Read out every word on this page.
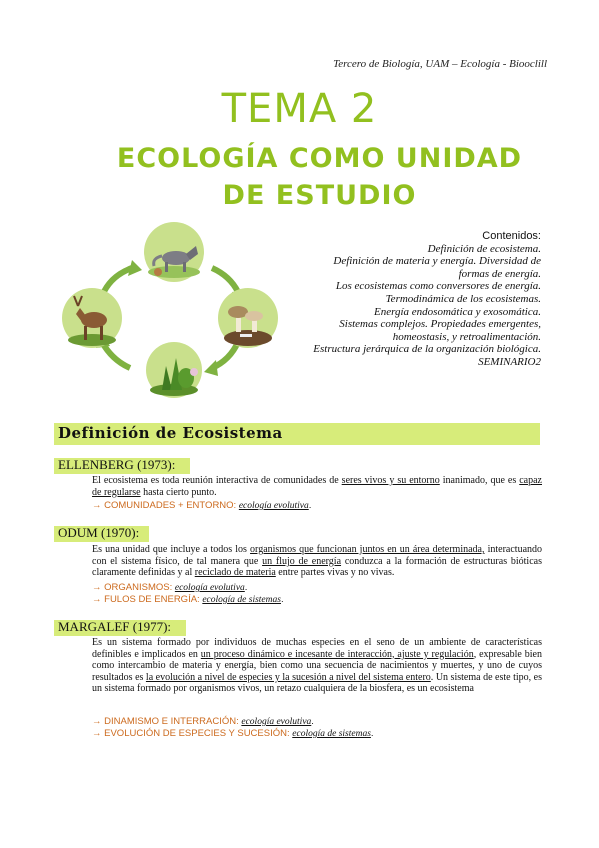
Tercero de Biología, UAM – Ecología - Biooclill
TEMA 2
ECOLOGÍA COMO UNIDAD
DE ESTUDIO
Contenidos:
Definición de ecosistema.
Definición de materia y energía. Diversidad de
formas de energía.
Los ecosistemas como conversores de energía.
Termodinámica de los ecosistemas.
Energía endosomática y exosomática.
Sistemas complejos. Propiedades emergentes,
homeostasis, y retroalimentación.
Estructura jerárquica de la organización biológica.
SEMINARIO2
Definición de Ecosistema
ELLENBERG (1973):
El ecosistema es toda reunión interactiva de comunidades de seres vivos y su entorno inanimado, que es capaz de regularse hasta cierto punto.
→ COMUNIDADES + ENTORNO: ecología evolutiva.
ODUM (1970):
Es una unidad que incluye a todos los organismos que funcionan juntos en un área determinada, interactuando con el sistema físico, de tal manera que un flujo de energía conduzca a la formación de estructuras bióticas claramente definidas y al reciclado de materia entre partes vivas y no vivas.
→ ORGANISMOS: ecología evolutiva.
→ FULOS DE ENERGÍA: ecología de sistemas.
MARGALEF (1977):
Es un sistema formado por individuos de muchas especies en el seno de un ambiente de características definibles e implicados en un proceso dinámico e incesante de interacción, ajuste y regulación, expresable bien como intercambio de materia y energía, bien como una secuencia de nacimientos y muertes, y uno de cuyos resultados es la evolución a nivel de especies y la sucesión a nivel del sistema entero. Un sistema de este tipo, es un sistema formado por organismos vivos, un retazo cualquiera de la biosfera, es un ecosistema
→ DINAMISMO E INTERRACIÓN: ecología evolutiva.
→ EVOLUCIÓN DE ESPECIES Y SUCESIÓN: ecología de sistemas.
